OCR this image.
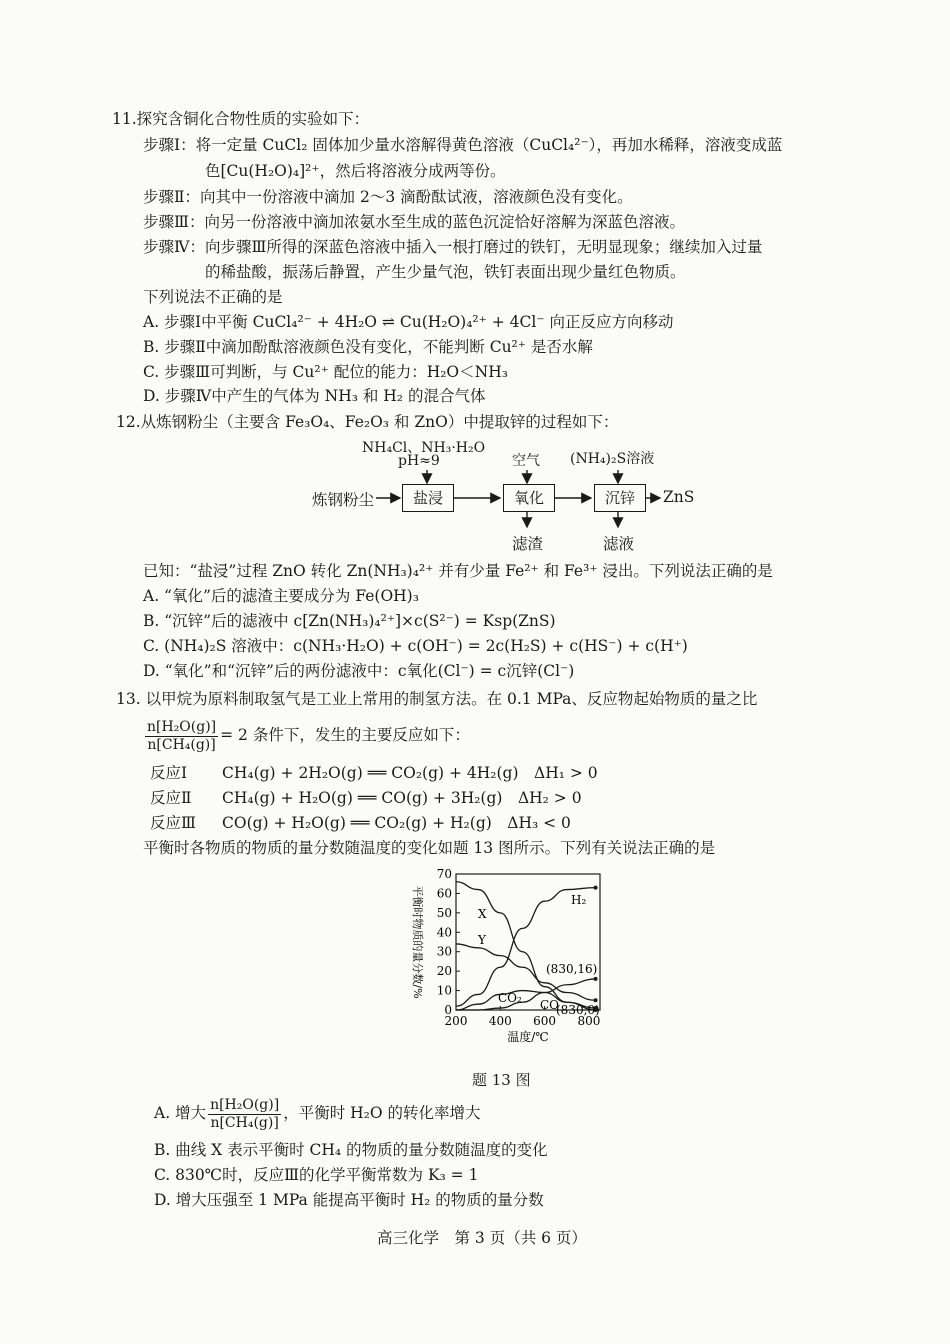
11.探究含铜化合物性质的实验如下：
步骤Ⅰ：将一定量 CuCl₂ 固体加少量水溶解得黄色溶液（CuCl₄²⁻），再加水稀释，溶液变成蓝
色[Cu(H₂O)₄]²⁺，然后将溶液分成两等份。
步骤Ⅱ：向其中一份溶液中滴加 2～3 滴酚酞试液，溶液颜色没有变化。
步骤Ⅲ：向另一份溶液中滴加浓氨水至生成的蓝色沉淀恰好溶解为深蓝色溶液。
步骤Ⅳ：向步骤Ⅲ所得的深蓝色溶液中插入一根打磨过的铁钉，无明显现象；继续加入过量
的稀盐酸，振荡后静置，产生少量气泡，铁钉表面出现少量红色物质。
下列说法不正确的是
A. 步骤Ⅰ中平衡 CuCl₄²⁻ + 4H₂O ⇌ Cu(H₂O)₄²⁺ + 4Cl⁻ 向正反应方向移动
B. 步骤Ⅱ中滴加酚酞溶液颜色没有变化，不能判断 Cu²⁺ 是否水解
C. 步骤Ⅲ可判断，与 Cu²⁺ 配位的能力：H₂O＜NH₃
D. 步骤Ⅳ中产生的气体为 NH₃ 和 H₂ 的混合气体
12.从炼钢粉尘（主要含 Fe₃O₄、Fe₂O₃ 和 ZnO）中提取锌的过程如下：
NH₄Cl、NH₃·H₂O
pH≈9	空气 (NH₄)₂S溶液
炼钢粉尘	盐浸	氧化	沉锌	ZnS
滤渣	滤液
已知：“盐浸”过程 ZnO 转化 Zn(NH₃)₄²⁺ 并有少量 Fe²⁺ 和 Fe³⁺ 浸出。下列说法正确的是
A. “氧化”后的滤渣主要成分为 Fe(OH)₃
B. “沉锌”后的滤液中 c[Zn(NH₃)₄²⁺]×c(S²⁻) = Ksp(ZnS)
C. (NH₄)₂S 溶液中：c(NH₃·H₂O) + c(OH⁻) = 2c(H₂S) + c(HS⁻) + c(H⁺)
D. “氧化”和“沉锌”后的两份滤液中：c氧化(Cl⁻) = c沉锌(Cl⁻)
13. 以甲烷为原料制取氢气是工业上常用的制氢方法。在 0.1 MPa、反应物起始物质的量之比
$\frac{\text{n[H₂O(g)]}}{\text{n[CH₄(g)]}} = 2$ 条件下，发生的主要反应如下：
反应Ⅰ CH₄(g) + 2H₂O(g) ══ CO₂(g) + 4H₂(g)　ΔH₁ > 0
反应Ⅱ CH₄(g) + H₂O(g) ══ CO(g) + 3H₂(g)　ΔH₂ > 0
反应Ⅲ CO(g) + H₂O(g) ══ CO₂(g) + H₂(g)　ΔH₃ < 0
平衡时各物质的物质的量分数随温度的变化如题 13 图所示。下列有关说法正确的是
0
10
20
30
40
50
60
70
200 400 600 800
温度/℃
平衡时物质的量分数/%	X
H₂
Y
CO₂ CO
(830,16)
(830,0)
题 13 图
A. 增大 $\frac{\text{n[H₂O(g)]}}{\text{n[CH₄(g)]}}$ ，平衡时 H₂O 的转化率增大
B. 曲线 X 表示平衡时 CH₄ 的物质的量分数随温度的变化
C. 830℃时，反应Ⅲ的化学平衡常数为 K₃ = 1
D. 增大压强至 1 MPa 能提高平衡时 H₂ 的物质的量分数
高三化学　第 3 页（共 6 页）
